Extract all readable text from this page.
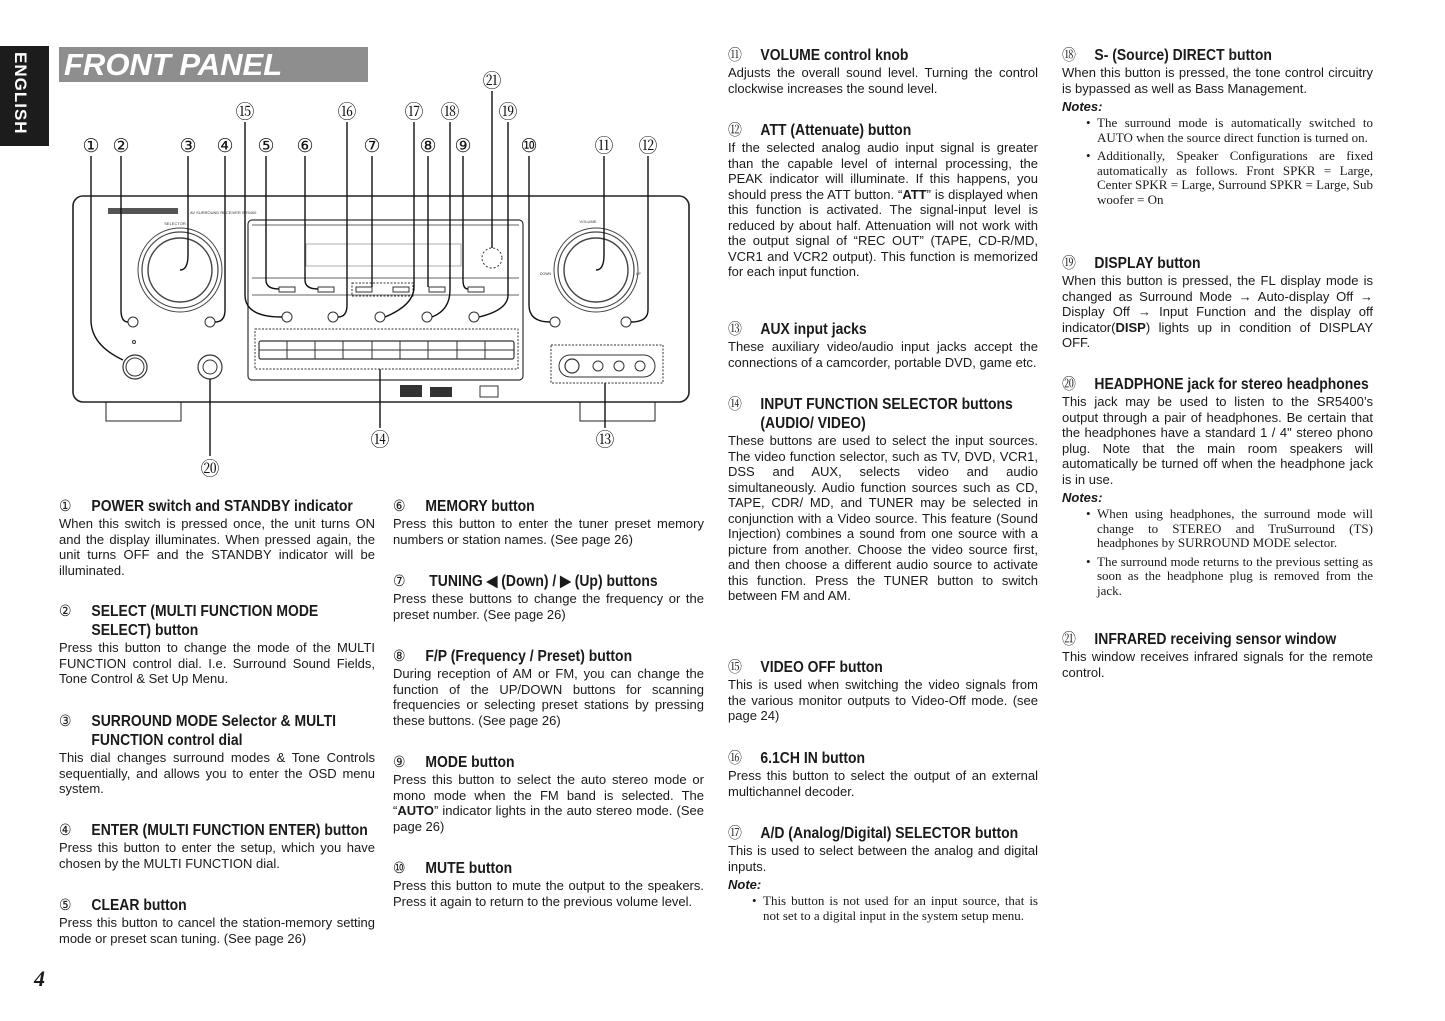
ENGLISH FRONT PANEL
AV SURROUND RECEIVER SR5400
SELECTOR	VOLUME
DOWN	UP
① ②	③ ④ ⑤ ⑥	⑦ ⑧ ⑨	⑩	⑪ ⑫
⑬
⑭
⑮	⑯	⑰ ⑱ ⑲
⑳
㉑
① POWER switch and STANDBY indicator

When this switch is pressed once, the unit turns ON and the display illuminates. When pressed again, the unit turns OFF and the STANDBY indicator will be illuminated.

② SELECT (MULTI FUNCTION MODE
SELECT) button

Press this button to change the mode of the MULTI FUNCTION control dial. I.e. Surround Sound Fields, Tone Control & Set Up Menu.

③ SURROUND MODE Selector & MULTI
FUNCTION control dial

This dial changes surround modes & Tone Controls sequentially, and allows you to enter the OSD menu system.

④ ENTER (MULTI FUNCTION ENTER) button

Press this button to enter the setup, which you have chosen by the MULTI FUNCTION dial.

⑤ CLEAR button

Press this button to cancel the station-memory setting mode or preset scan tuning. (See page 26)

⑥ MEMORY button

Press this button to enter the tuner preset memory numbers or station names. (See page 26)

⑦ TUNING ◀ (Down) / ▶ (Up) buttons

Press these buttons to change the frequency or the preset number. (See page 26)

⑧ F/P (Frequency / Preset) button

During reception of AM or FM, you can change the function of the UP/DOWN buttons for scanning frequencies or selecting preset stations by pressing these buttons. (See page 26)

⑨ MODE button

Press this button to select the auto stereo mode or mono mode when the FM band is selected. The “AUTO” indicator lights in the auto stereo mode. (See page 26)

⑩ MUTE button

Press this button to mute the output to the speakers. Press it again to return to the previous volume level.

⑪ VOLUME control knob

Adjusts the overall sound level. Turning the control clockwise increases the sound level.

⑫ ATT (Attenuate) button

If the selected analog audio input signal is greater than the capable level of internal processing, the PEAK indicator will illuminate. If this happens, you should press the ATT button. “ATT” is displayed when this function is activated. The signal-input level is reduced by about half. Attenuation will not work with the output signal of “REC OUT” (TAPE, CD-R/MD, VCR1 and VCR2 output). This function is memorized for each input function.

⑬ AUX input jacks

These auxiliary video/audio input jacks accept the connections of a camcorder, portable DVD, game etc.

⑭ INPUT FUNCTION SELECTOR buttons
(AUDIO/ VIDEO)

These buttons are used to select the input sources. The video function selector, such as TV, DVD, VCR1, DSS and AUX, selects video and audio simultaneously. Audio function sources such as CD, TAPE, CDR/ MD, and TUNER may be selected in conjunction with a Video source. This feature (Sound Injection) combines a sound from one source with a picture from another. Choose the video source first, and then choose a different audio source to activate this function. Press the TUNER button to switch between FM and AM.

⑮ VIDEO OFF button

This is used when switching the video signals from the various monitor outputs to Video-Off mode. (see page 24)

⑯ 6.1CH IN button

Press this button to select the output of an external multichannel decoder.

⑰ A/D (Analog/Digital) SELECTOR button

This is used to select between the analog and digital inputs.

Note:
• This button is not used for an input source, that is not set to a digital input in the system setup menu.
⑱ S- (Source) DIRECT button

When this button is pressed, the tone control circuitry is bypassed as well as Bass Management.

Notes:
• The surround mode is automatically switched to AUTO when the source direct function is turned on.
• Additionally, Speaker Configurations are fixed automatically as follows. Front SPKR = Large, Center SPKR = Large, Surround SPKR = Large, Sub woofer = On
⑲ DISPLAY button

When this button is pressed, the FL display mode is changed as Surround Mode → Auto-display Off → Display Off → Input Function and the display off indicator(DISP) lights up in condition of DISPLAY OFF.

⑳ HEADPHONE jack for stereo headphones

This jack may be used to listen to the SR5400’s output through a pair of headphones. Be certain that the headphones have a standard 1 / 4" stereo phono plug. Note that the main room speakers will automatically be turned off when the headphone jack is in use.

Notes:
• When using headphones, the surround mode will change to STEREO and TruSurround (TS) headphones by SURROUND MODE selector.
• The surround mode returns to the previous setting as soon as the headphone plug is removed from the jack.
㉑ INFRARED receiving sensor window

This window receives infrared signals for the remote control.

4
